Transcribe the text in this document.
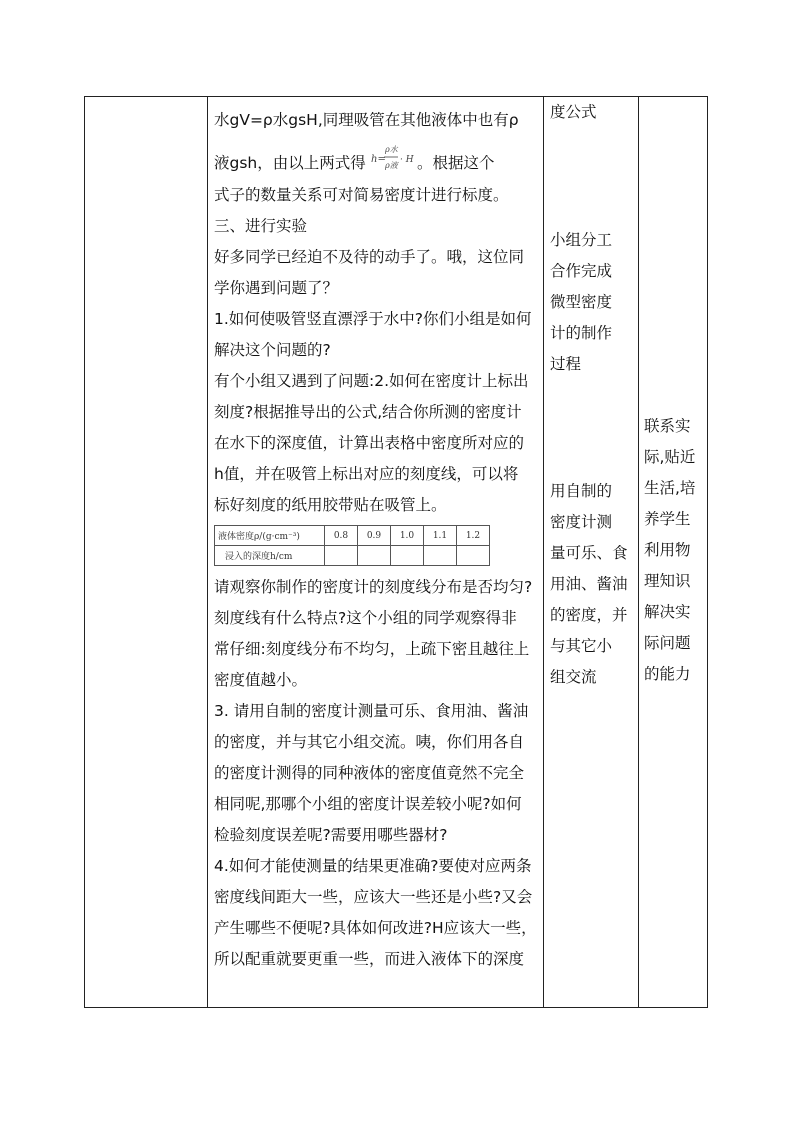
水gV=ρ水gsH,同理吸管在其他液体中也有ρ

液gsh，由以上两式得 h=
ρ水
ρ液
· H 。根据这个

式子的数量关系可对简易密度计进行标度。

三、进行实验

好多同学已经迫不及待的动手了。哦，这位同

学你遇到问题了？

1.如何使吸管竖直漂浮于水中?你们小组是如何

解决这个问题的?

有个小组又遇到了问题:2.如何在密度计上标出

刻度?根据推导出的公式,结合你所测的密度计

在水下的深度值，计算出表格中密度所对应的

h值，并在吸管上标出对应的刻度线，可以将

标好刻度的纸用胶带贴在吸管上。

液体密度ρ/(g·cm⁻³)	0.8	0.9	1.0	1.1	1.2
浸入的深度h/cm					

请观察你制作的密度计的刻度线分布是否均匀?

刻度线有什么特点?这个小组的同学观察得非

常仔细:刻度线分布不均匀，上疏下密且越往上

密度值越小。

3. 请用自制的密度计测量可乐、食用油、酱油

的密度，并与其它小组交流。咦，你们用各自

的密度计测得的同种液体的密度值竟然不完全

相同呢,那哪个小组的密度计误差较小呢?如何

检验刻度误差呢?需要用哪些器材?

4.如何才能使测量的结果更准确?要使对应两条

密度线间距大一些，应该大一些还是小些?又会

产生哪些不便呢?具体如何改进?H应该大一些，

所以配重就要更重一些，而进入液体下的深度

度公式

小组分工

合作完成

微型密度

计的制作

过程

用自制的

密度计测

量可乐、食

用油、酱油

的密度，并

与其它小

组交流

联系实

际,贴近

生活,培

养学生

利用物

理知识

解决实

际问题

的能力
